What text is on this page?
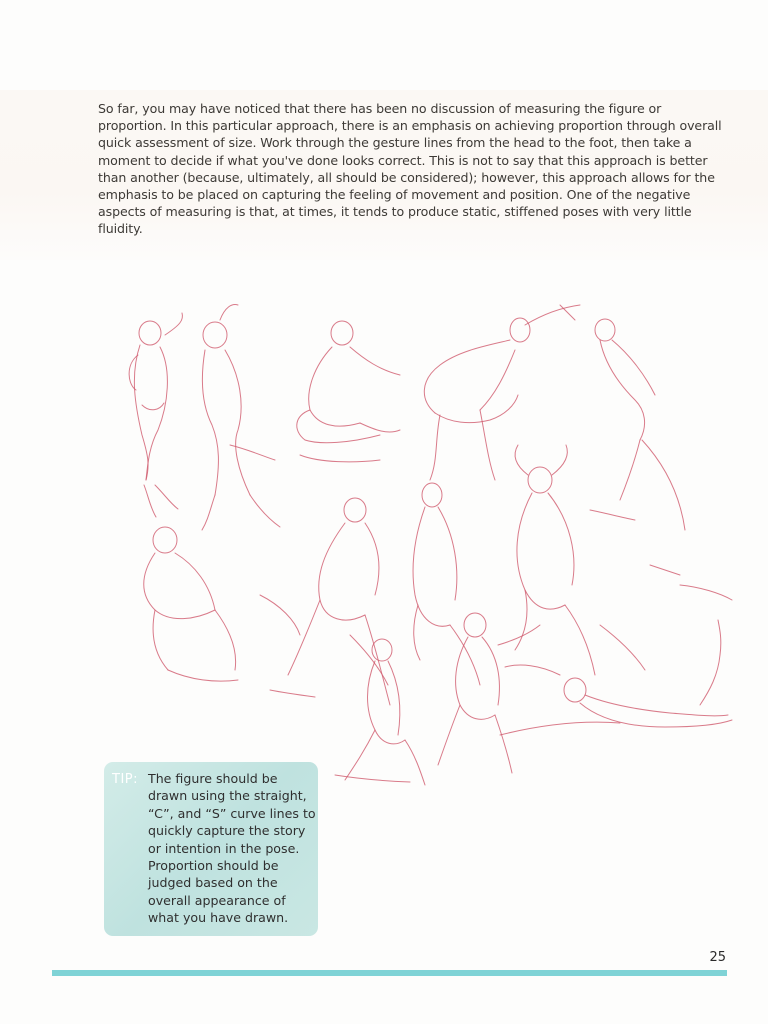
So far, you may have noticed that there has been no discussion of measuring the figure or proportion. In this particular approach, there is an emphasis on achieving proportion through overall quick assessment of size. Work through the gesture lines from the head to the foot, then take a moment to decide if what you've done looks correct. This is not to say that this approach is better than another (because, ultimately, all should be considered); however, this approach allows for the emphasis to be placed on capturing the feeling of movement and position. One of the negative aspects of measuring is that, at times, it tends to produce static, stiffened poses with very little fluidity.

TIP: The figure should be drawn using the straight, “C”, and “S” curve lines to quickly capture the story or intention in the pose. Proportion should be judged based on the overall appearance of what you have drawn.

25
